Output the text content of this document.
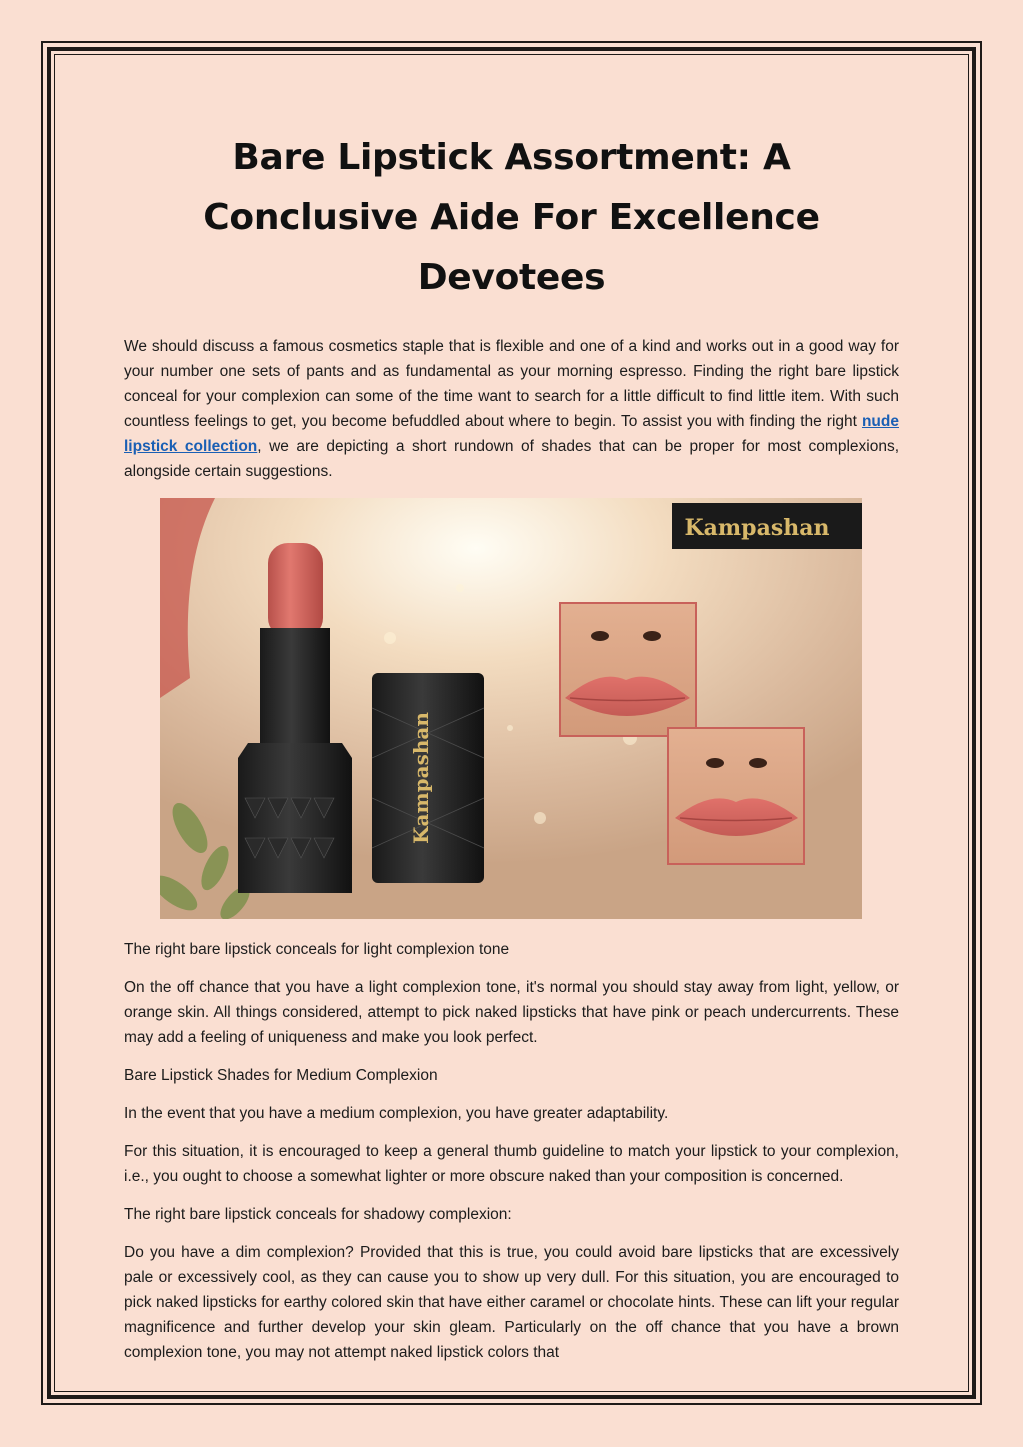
Bare Lipstick Assortment: A Conclusive Aide For Excellence Devotees

We should discuss a famous cosmetics staple that is flexible and one of a kind and works out in a good way for your number one sets of pants and as fundamental as your morning espresso. Finding the right bare lipstick conceal for your complexion can some of the time want to search for a little difficult to find little item. With such countless feelings to get, you become befuddled about where to begin. To assist you with finding the right nude lipstick collection, we are depicting a short rundown of shades that can be proper for most complexions, alongside certain suggestions.

Kampashan
Kampashan

The right bare lipstick conceals for light complexion tone

On the off chance that you have a light complexion tone, it's normal you should stay away from light, yellow, or orange skin. All things considered, attempt to pick naked lipsticks that have pink or peach undercurrents. These may add a feeling of uniqueness and make you look perfect.

Bare Lipstick Shades for Medium Complexion

In the event that you have a medium complexion, you have greater adaptability.

For this situation, it is encouraged to keep a general thumb guideline to match your lipstick to your complexion, i.e., you ought to choose a somewhat lighter or more obscure naked than your composition is concerned.

The right bare lipstick conceals for shadowy complexion:

Do you have a dim complexion? Provided that this is true, you could avoid bare lipsticks that are excessively pale or excessively cool, as they can cause you to show up very dull. For this situation, you are encouraged to pick naked lipsticks for earthy colored skin that have either caramel or chocolate hints. These can lift your regular magnificence and further develop your skin gleam. Particularly on the off chance that you have a brown complexion tone, you may not attempt naked lipstick colors that
